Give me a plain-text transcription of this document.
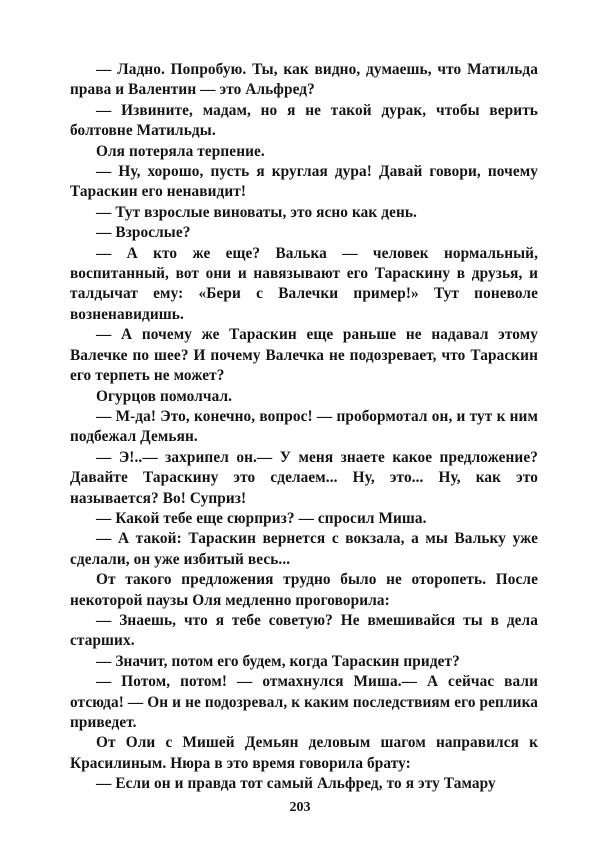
— Ладно. Попробую. Ты, как видно, думаешь, что Матильда права и Валентин — это Альфред?

— Извините, мадам, но я не такой дурак, чтобы верить болтовне Матильды.

Оля потеряла терпение.

— Ну, хорошо, пусть я круглая дура! Давай говори, почему Тараскин его ненавидит!

— Тут взрослые виноваты, это ясно как день.

— Взрослые?

— А кто же еще? Валька — человек нормальный, воспитанный, вот они и навязывают его Тараскину в друзья, и талдычат ему: «Бери с Валечки пример!» Тут поневоле возненавидишь.

— А почему же Тараскин еще раньше не надавал этому Валечке по шее? И почему Валечка не подозревает, что Тараскин его терпеть не может?

Огурцов помолчал.

— М-да! Это, конечно, вопрос! — пробормотал он, и тут к ним подбежал Демьян.

— Э!..— захрипел он.— У меня знаете какое предложение? Давайте Тараскину это сделаем... Ну, это... Ну, как это называется? Во! Суприз!

— Какой тебе еще сюрприз? — спросил Миша.

— А такой: Тараскин вернется с вокзала, а мы Вальку уже сделали, он уже избитый весь...

От такого предложения трудно было не оторопеть. После некоторой паузы Оля медленно проговорила:

— Знаешь, что я тебе советую? Не вмешивайся ты в дела старших.

— Значит, потом его будем, когда Тараскин придет?

— Потом, потом! — отмахнулся Миша.— А сейчас вали отсюда! — Он и не подозревал, к каким последствиям его реплика приведет.

От Оли с Мишей Демьян деловым шагом направился к Красилиным. Нюра в это время говорила брату:

— Если он и правда тот самый Альфред, то я эту Тамару

203
